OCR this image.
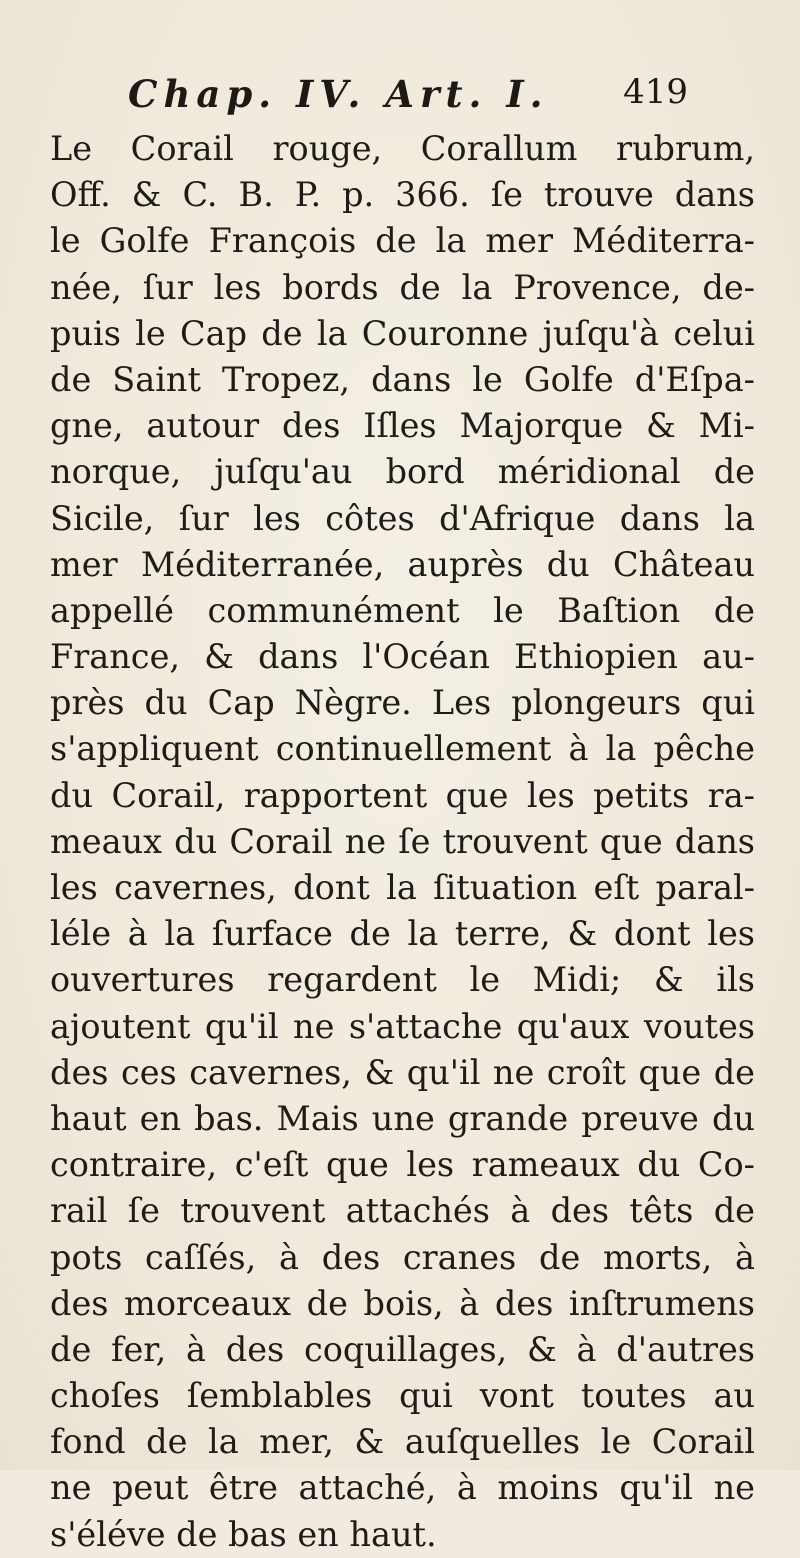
Chap. IV. Art. I. 419
Le Corail rouge, Corallum rubrum,
Off. & C. B. P. p. 366. ſe trouve dans
le Golfe François de la mer Méditerra-
née, ſur les bords de la Provence, de-
puis le Cap de la Couronne juſqu'à celui
de Saint Tropez, dans le Golfe d'Eſpa-
gne, autour des Iſles Majorque & Mi-
norque, juſqu'au bord méridional de
Sicile, ſur les côtes d'Afrique dans la
mer Méditerranée, auprès du Château
appellé communément le Baſtion de
France, & dans l'Océan Ethiopien au-
près du Cap Nègre. Les plongeurs qui
s'appliquent continuellement à la pêche
du Corail, rapportent que les petits ra-
meaux du Corail ne ſe trouvent que dans
les cavernes, dont la ſituation eſt paral-
léle à la ſurface de la terre, & dont les
ouvertures regardent le Midi; & ils
ajoutent qu'il ne s'attache qu'aux voutes
des ces cavernes, & qu'il ne croît que de
haut en bas. Mais une grande preuve du
contraire, c'eſt que les rameaux du Co-
rail ſe trouvent attachés à des têts de
pots caſſés, à des cranes de morts, à
des morceaux de bois, à des inſtrumens
de fer, à des coquillages, & à d'autres
choſes ſemblables qui vont toutes au
fond de la mer, & auſquelles le Corail
ne peut être attaché, à moins qu'il ne
s'éléve de bas en haut.
